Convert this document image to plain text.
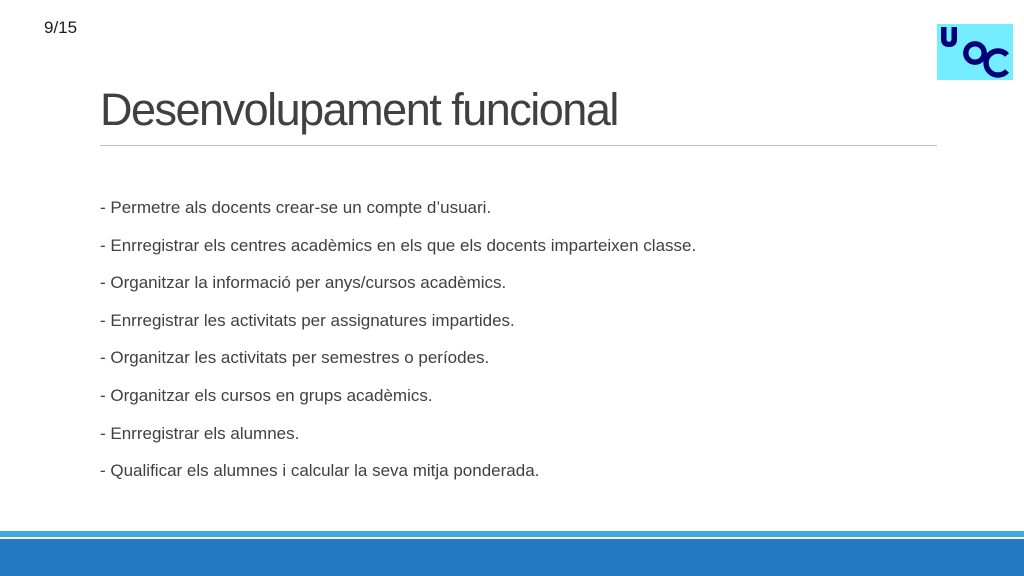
9/15
Desenvolupament funcional
- Permetre als docents crear-se un compte d’usuari.
- Enrregistrar els centres acadèmics en els que els docents imparteixen classe.
- Organitzar la informació per anys/cursos acadèmics.
- Enrregistrar les activitats per assignatures impartides.
- Organitzar les activitats per semestres o períodes.
- Organitzar els cursos en grups acadèmics.
- Enrregistrar els alumnes.
- Qualificar els alumnes i calcular la seva mitja ponderada.
